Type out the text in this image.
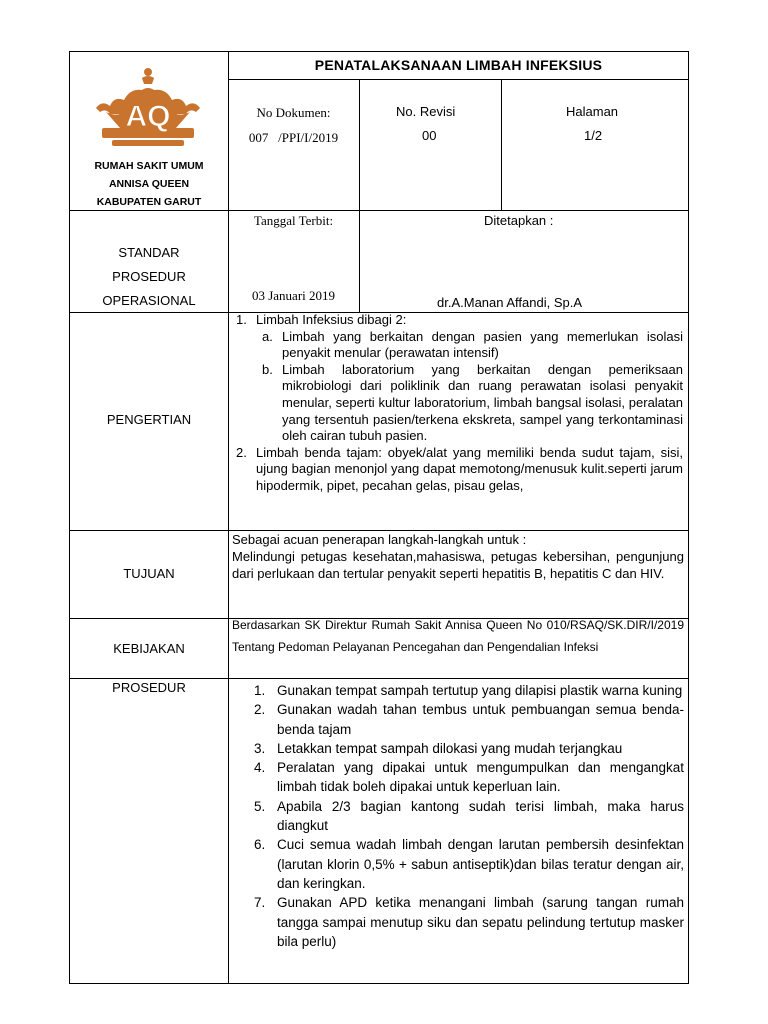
PENATALAKSANAAN LIMBAH INFEKSIUS
AQ
RUMAH SAKIT UMUM
ANNISA QUEEN
KABUPATEN GARUT
No Dokumen:
007   /PPI/I/2019
No. Revisi
00
Halaman
1/2
STANDAR
PROSEDUR
OPERASIONAL
Tanggal Terbit:
03 Januari 2019
Ditetapkan :
dr.A.Manan Affandi, Sp.A
PENGERTIAN
1. Limbah Infeksius dibagi 2:
a. Limbah yang berkaitan dengan pasien yang memerlukan isolasi penyakit menular (perawatan intensif)
b. Limbah laboratorium yang berkaitan dengan pemeriksaan mikrobiologi dari poliklinik dan ruang perawatan isolasi penyakit menular, seperti kultur laboratorium, limbah bangsal isolasi, peralatan yang tersentuh pasien/terkena ekskreta, sampel yang terkontaminasi oleh cairan tubuh pasien.
2. Limbah benda tajam: obyek/alat yang memiliki benda sudut tajam, sisi, ujung bagian menonjol yang dapat memotong/menusuk kulit.seperti jarum hipodermik, pipet, pecahan gelas, pisau gelas,
TUJUAN
Sebagai acuan penerapan langkah-langkah untuk :
Melindungi petugas kesehatan,mahasiswa, petugas kebersihan, pengunjung dari perlukaan dan tertular penyakit seperti hepatitis B, hepatitis C dan HIV.
KEBIJAKAN
Berdasarkan SK Direktur Rumah Sakit Annisa Queen No 010/RSAQ/SK.DIR/I/2019 Tentang Pedoman Pelayanan Pencegahan dan Pengendalian Infeksi
PROSEDUR	1. Gunakan tempat sampah tertutup yang dilapisi plastik warna kuning
2. Gunakan wadah tahan tembus untuk pembuangan semua benda-benda tajam
3. Letakkan tempat sampah dilokasi yang mudah terjangkau
4. Peralatan yang dipakai untuk mengumpulkan dan mengangkat limbah tidak boleh dipakai untuk keperluan lain.
5. Apabila 2/3 bagian kantong sudah terisi limbah, maka harus diangkut
6. Cuci semua wadah limbah dengan larutan pembersih desinfektan (larutan klorin 0,5% + sabun antiseptik)dan bilas teratur dengan air, dan keringkan.
7. Gunakan APD ketika menangani limbah (sarung tangan rumah tangga sampai menutup siku dan sepatu pelindung tertutup masker bila perlu)
